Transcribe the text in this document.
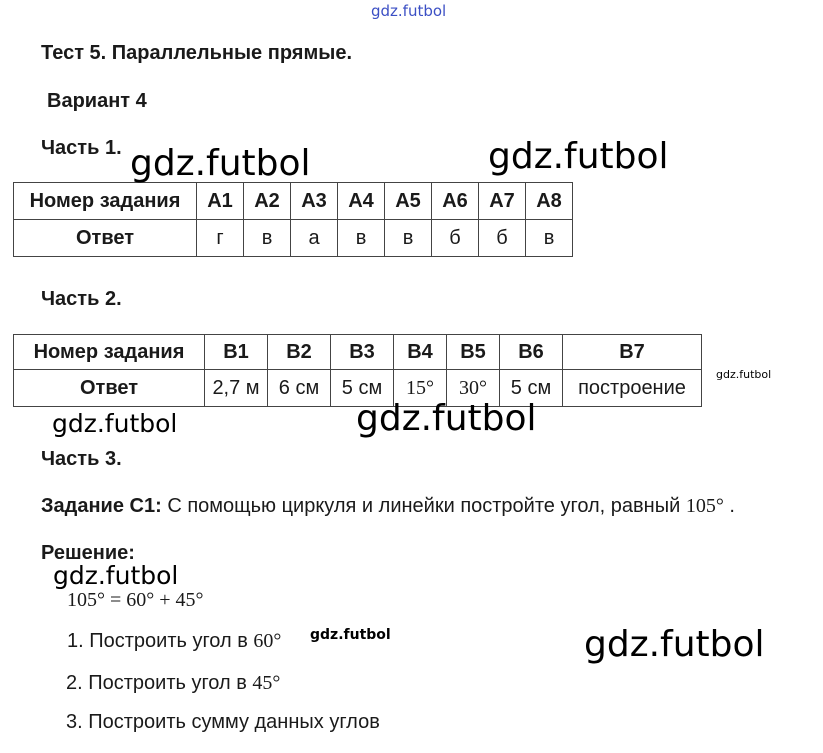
gdz.futbol
Тест 5. Параллельные прямые.
Вариант 4
Часть 1.
Номер задания	A1	A2	A3	A4	A5	A6	A7	A8
Ответ	г	в	а	в	в	б	б	в
Часть 2.
Номер задания	B1	B2	B3	B4	B5	B6	B7
Ответ	2,7 м	6 см	5 см	15°	30°	5 см	построение
Часть 3.
Задание С1: С помощью циркуля и линейки постройте угол, равный 105° .
Решение:
105° = 60° + 45°
1. Построить угол в 60°
2. Построить угол в 45°
3. Построить сумму данных углов
gdz.futbol	gdz.futbol
gdz.futbol
gdz.futbol	gdz.futbol
gdz.futbol
gdz.futbol	gdz.futbol
